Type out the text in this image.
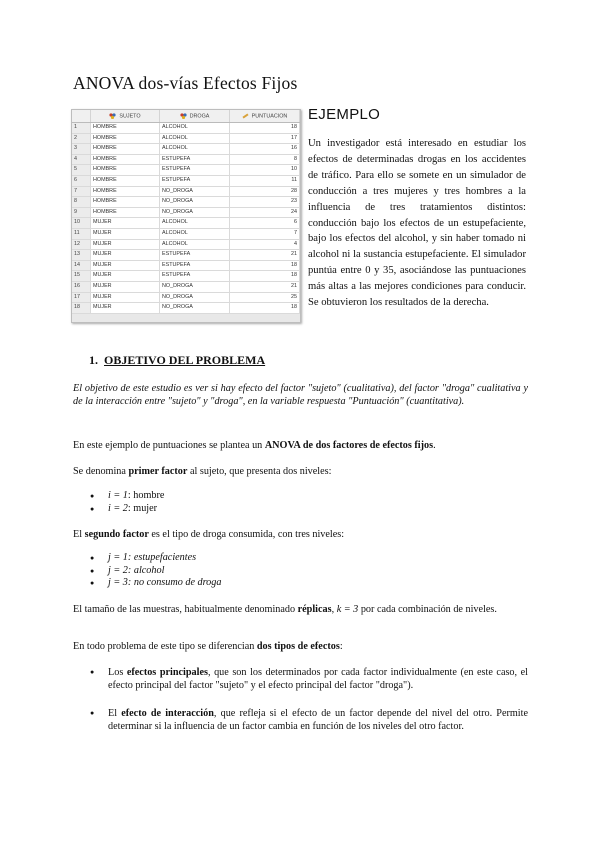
ANOVA dos-vías Efectos Fijos
	SUJETO	DROGA	PUNTUACION
1	HOMBRE	ALCOHOL	18
2	HOMBRE	ALCOHOL	17
3	HOMBRE	ALCOHOL	16
4	HOMBRE	ESTUPEFA	8
5	HOMBRE	ESTUPEFA	10
6	HOMBRE	ESTUPEFA	11
7	HOMBRE	NO_DROGA	28
8	HOMBRE	NO_DROGA	23
9	HOMBRE	NO_DROGA	24
10	MUJER	ALCOHOL	6
11	MUJER	ALCOHOL	7
12	MUJER	ALCOHOL	4
13	MUJER	ESTUPEFA	21
14	MUJER	ESTUPEFA	18
15	MUJER	ESTUPEFA	18
16	MUJER	NO_DROGA	21
17	MUJER	NO_DROGA	25
18	MUJER	NO_DROGA	18
EJEMPLO

Un investigador está interesado en estudiar los efectos de determinadas drogas en los accidentes de tráfico. Para ello se somete en un simulador de conducción a tres mujeres y tres hombres a la influencia de tres tratamientos distintos: conducción bajo los efectos de un estupefaciente, bajo los efectos del alcohol, y sin haber tomado ni alcohol ni la sustancia estupefaciente. El simulador puntúa entre 0 y 35, asociándose las puntuaciones más altas a las mejores condiciones para conducir. Se obtuvieron los resultados de la derecha.

1. OBJETIVO DEL PROBLEMA

El objetivo de este estudio es ver si hay efecto del factor "sujeto" (cualitativa), del factor "droga" cualitativa y de la interacción entre "sujeto" y "droga", en la variable respuesta "Puntuación" (cuantitativa).

En este ejemplo de puntuaciones se plantea un ANOVA de dos factores de efectos fijos.

Se denomina primer factor al sujeto, que presenta dos niveles:

● i = 1: hombre
● i = 2: mujer

El segundo factor es el tipo de droga consumida, con tres niveles:

● j = 1: estupefacientes
● j = 2: alcohol
● j = 3: no consumo de droga

El tamaño de las muestras, habitualmente denominado réplicas, k = 3 por cada combinación de niveles.

En todo problema de este tipo se diferencian dos tipos de efectos:

● Los efectos principales, que son los determinados por cada factor individualmente (en este caso, el efecto principal del factor "sujeto" y el efecto principal del factor "droga").
● El efecto de interacción, que refleja si el efecto de un factor depende del nivel del otro. Permite determinar si la influencia de un factor cambia en función de los niveles del otro factor.
